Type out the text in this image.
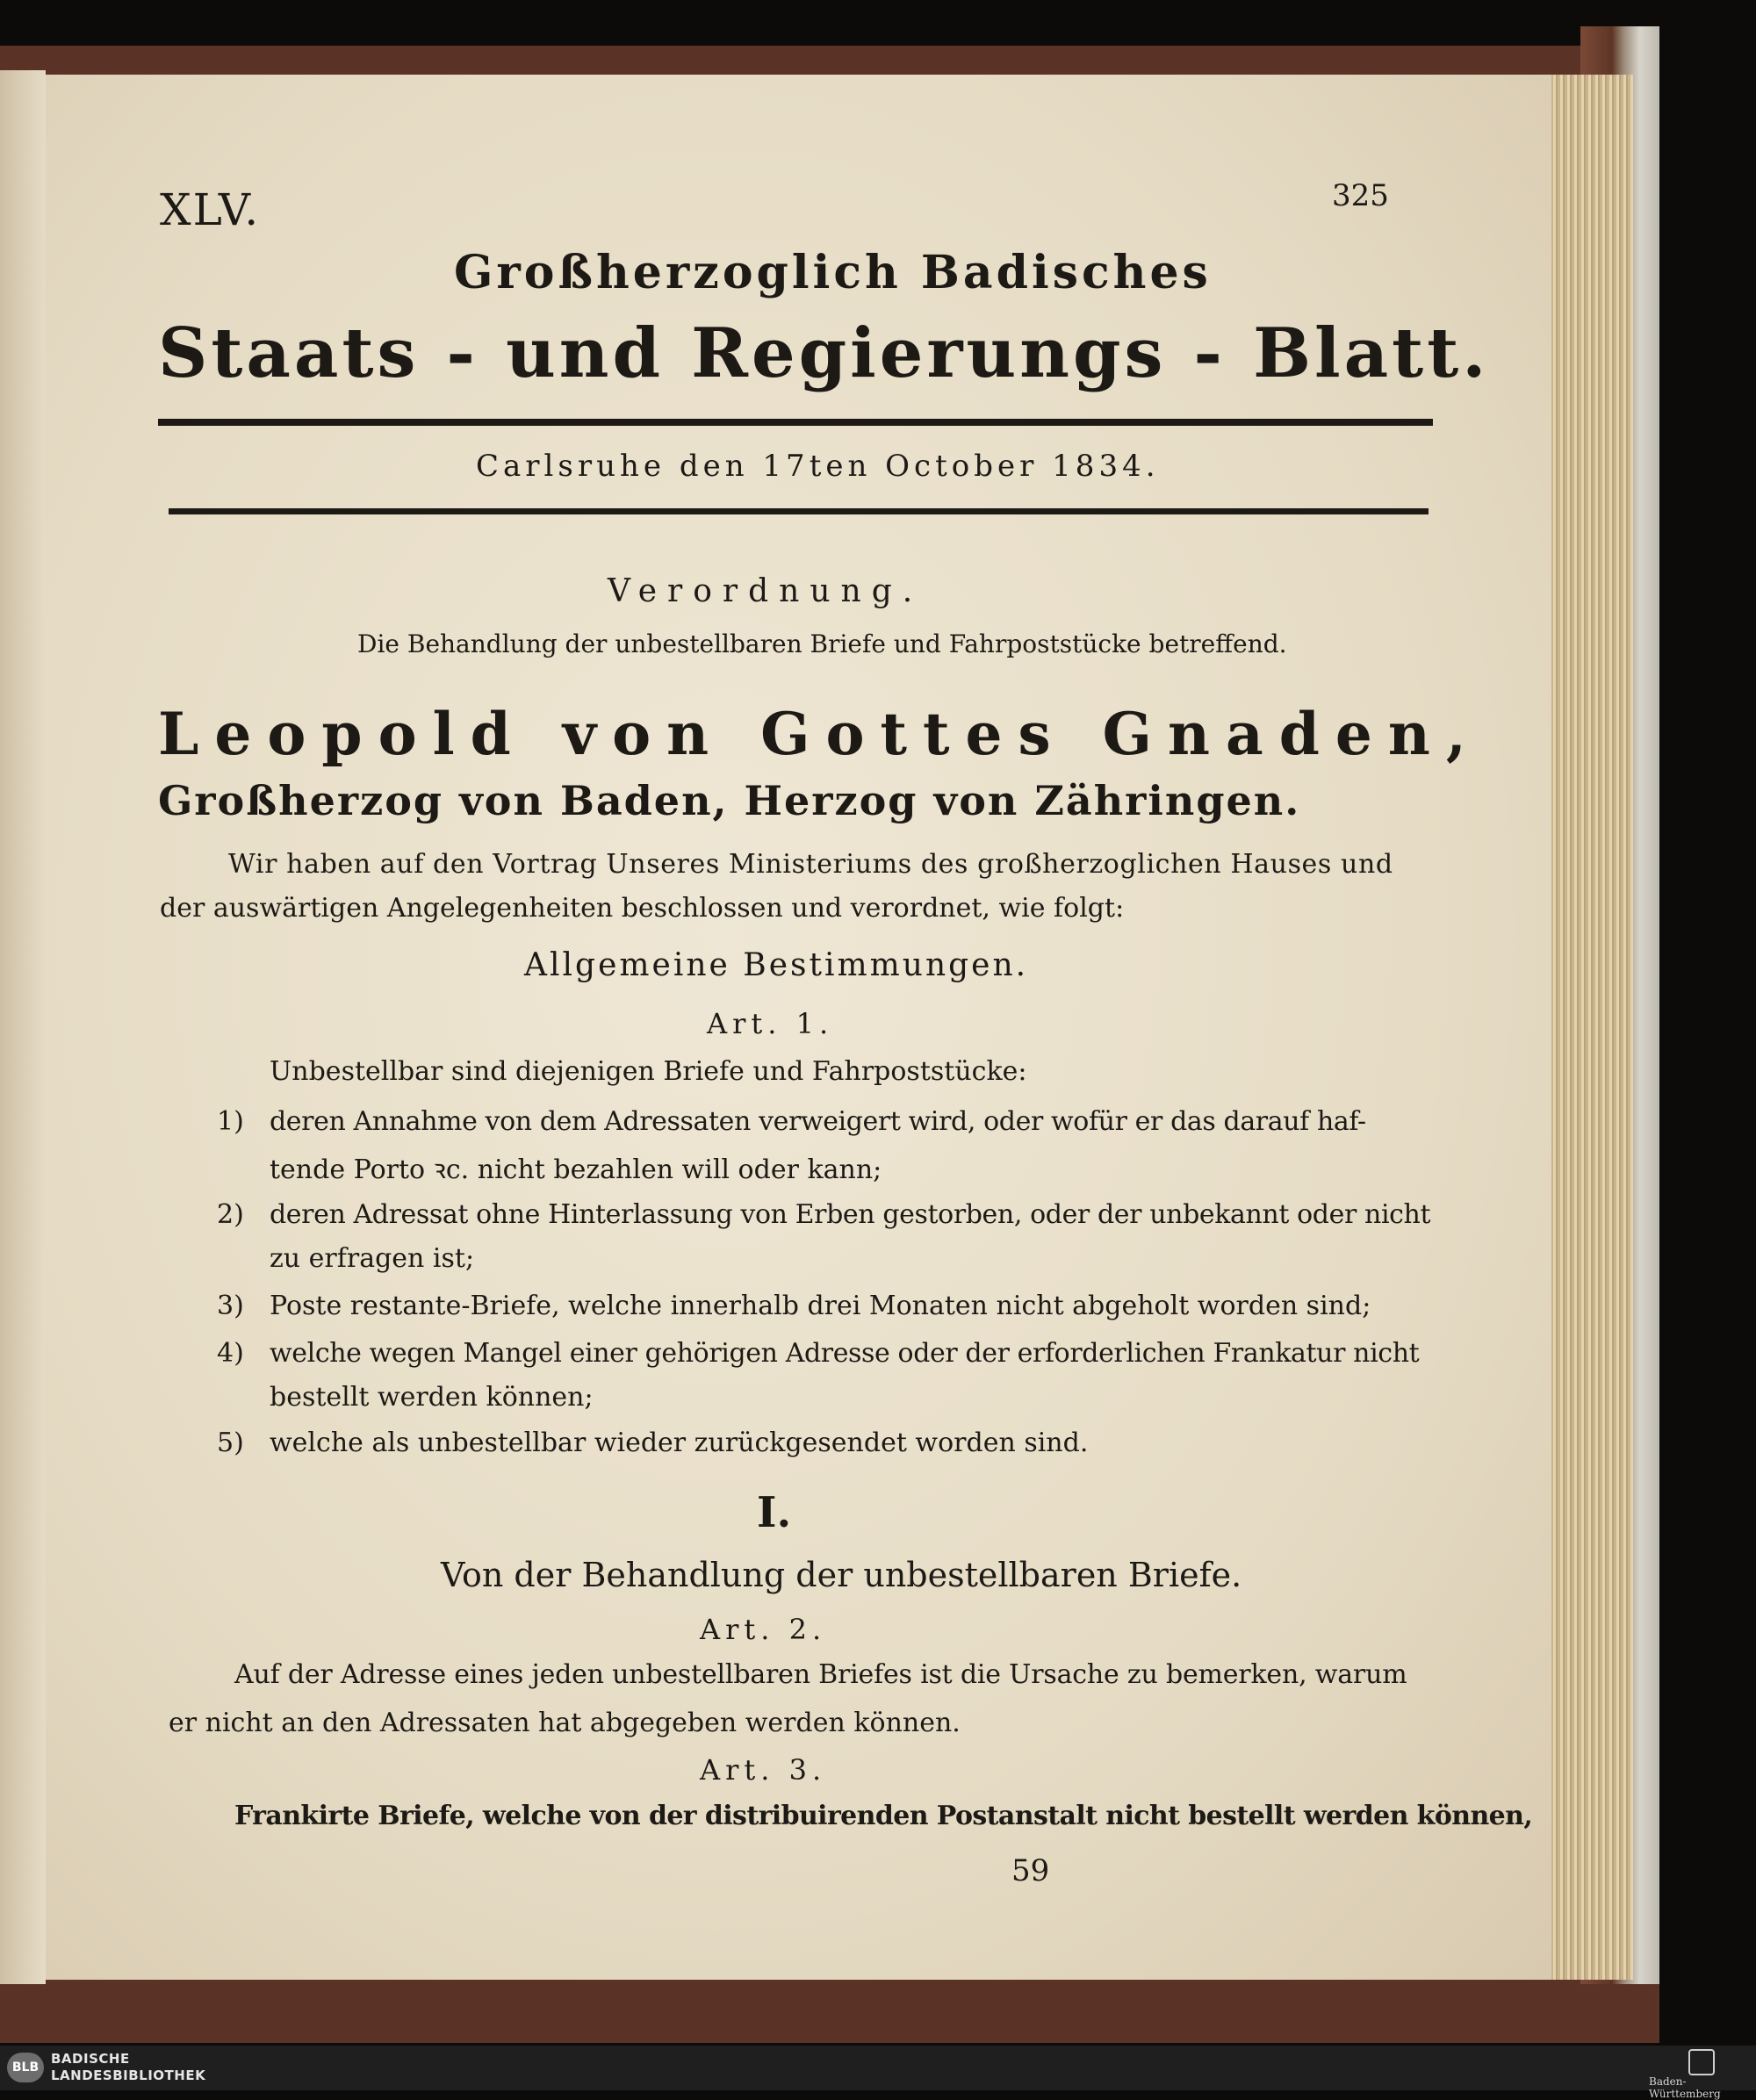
XLV.	325
Großherzoglich Badisches
Staats - und Regierungs - Blatt.
Carlsruhe den 17ten October 1834.
Verordnung.
Die Behandlung der unbestellbaren Briefe und Fahrpoststücke betreffend.
Leopold von Gottes Gnaden,
Großherzog von Baden, Herzog von Zähringen.
Wir haben auf den Vortrag Unseres Ministeriums des großherzoglichen Hauses und
der auswärtigen Angelegenheiten beschlossen und verordnet, wie folgt:
Allgemeine Bestimmungen.
Art. 1.
Unbestellbar sind diejenigen Briefe und Fahrpoststücke:
1) deren Annahme von dem Adressaten verweigert wird, oder wofür er das darauf haf-
tende Porto ꝛc. nicht bezahlen will oder kann;
2) deren Adressat ohne Hinterlassung von Erben gestorben, oder der unbekannt oder nicht
zu erfragen ist;
3) Poste restante-Briefe, welche innerhalb drei Monaten nicht abgeholt worden sind;
4) welche wegen Mangel einer gehörigen Adresse oder der erforderlichen Frankatur nicht
bestellt werden können;
5) welche als unbestellbar wieder zurückgesendet worden sind.
I.
Von der Behandlung der unbestellbaren Briefe.
Art. 2.
Auf der Adresse eines jeden unbestellbaren Briefes ist die Ursache zu bemerken, warum
er nicht an den Adressaten hat abgegeben werden können.
Art. 3.
Frankirte Briefe, welche von der distribuirenden Postanstalt nicht bestellt werden können,
59
BLB
BADISCHE
LANDESBIBLIOTHEK	Baden-Württemberg
